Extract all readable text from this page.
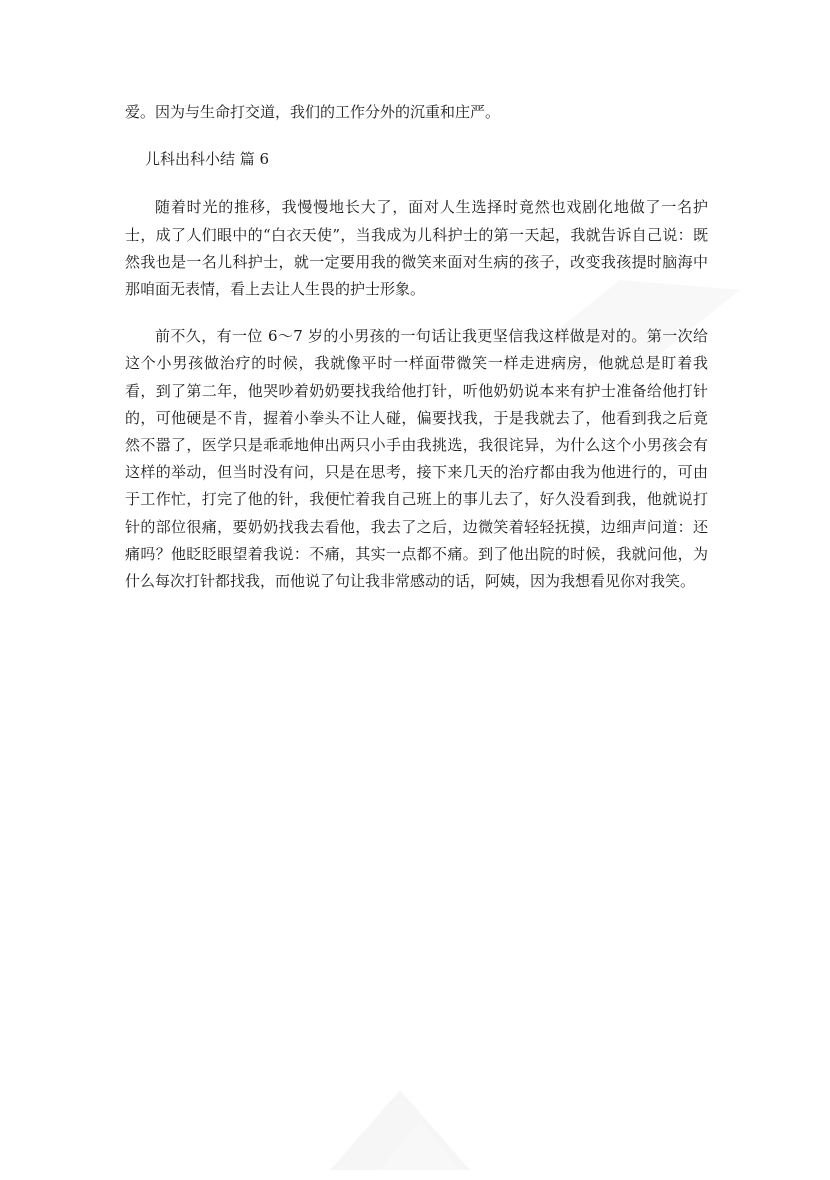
爱。因为与生命打交道，我们的工作分外的沉重和庄严。

儿科出科小结 篇 6

随着时光的推移，我慢慢地长大了，面对人生选择时竟然也戏剧化地做了一名护士，成了人们眼中的“白衣天使”，当我成为儿科护士的第一天起，我就告诉自己说：既然我也是一名儿科护士，就一定要用我的微笑来面对生病的孩子，改变我孩提时脑海中那咱面无表情，看上去让人生畏的护士形象。

前不久，有一位 6～7 岁的小男孩的一句话让我更坚信我这样做是对的。第一次给这个小男孩做治疗的时候，我就像平时一样面带微笑一样走进病房，他就总是盯着我看，到了第二年，他哭吵着奶奶要找我给他打针，听他奶奶说本来有护士准备给他打针的，可他硬是不肯，握着小拳头不让人碰，偏要找我，于是我就去了，他看到我之后竟然不嚣了，医学只是乖乖地伸出两只小手由我挑选，我很诧异，为什么这个小男孩会有这样的举动，但当时没有问，只是在思考，接下来几天的治疗都由我为他进行的，可由于工作忙，打完了他的针，我便忙着我自己班上的事儿去了，好久没看到我，他就说打针的部位很痛，要奶奶找我去看他，我去了之后，边微笑着轻轻抚摸，边细声问道：还痛吗？他眨眨眼望着我说：不痛，其实一点都不痛。到了他出院的时候，我就问他，为什么每次打针都找我，而他说了句让我非常感动的话，阿姨，因为我想看见你对我笑。
